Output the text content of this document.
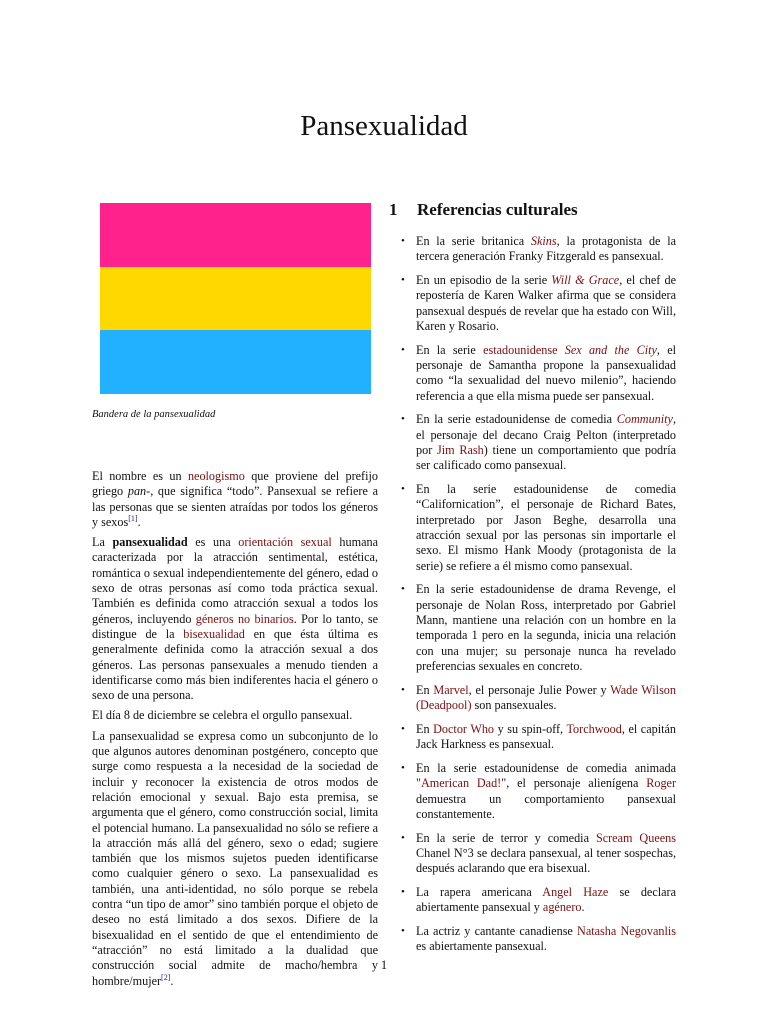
Pansexualidad
Bandera de la pansexualidad

El nombre es un neologismo que proviene del prefijo griego pan-, que significa “todo”. Pansexual se refiere a las personas que se sienten atraídas por todos los géneros y sexos[1].

La pansexualidad es una orientación sexual humana caracterizada por la atracción sentimental, estética, romántica o sexual independientemente del género, edad o sexo de otras personas así como toda práctica sexual. También es definida como atracción sexual a todos los géneros, incluyendo géneros no binarios. Por lo tanto, se distingue de la bisexualidad en que ésta última es generalmente definida como la atracción sexual a dos géneros. Las personas pansexuales a menudo tienden a identificarse como más bien indiferentes hacia el género o sexo de una persona.

El día 8 de diciembre se celebra el orgullo pansexual.

La pansexualidad se expresa como un subconjunto de lo que algunos autores denominan postgénero, concepto que surge como respuesta a la necesidad de la sociedad de incluir y reconocer la existencia de otros modos de relación emocional y sexual. Bajo esta premisa, se argumenta que el género, como construcción social, limita el potencial humano. La pansexualidad no sólo se refiere a la atracción más allá del género, sexo o edad; sugiere también que los mismos sujetos pueden identificarse como cualquier género o sexo. La pansexualidad es también, una anti-identidad, no sólo porque se rebela contra “un tipo de amor” sino también porque el objeto de deseo no está limitado a dos sexos. Difiere de la bisexualidad en el sentido de que el entendimiento de “atracción” no está limitado a la dualidad que construcción social admite de macho/hembra y hombre/mujer[2].

1 Referencias culturales
• En la serie britanica Skins, la protagonista de la tercera generación Franky Fitzgerald es pansexual.
• En un episodio de la serie Will & Grace, el chef de repostería de Karen Walker afirma que se considera pansexual después de revelar que ha estado con Will, Karen y Rosario.
• En la serie estadounidense Sex and the City, el personaje de Samantha propone la pansexualidad como “la sexualidad del nuevo milenio”, haciendo referencia a que ella misma puede ser pansexual.
• En la serie estadounidense de comedia Community, el personaje del decano Craig Pelton (interpretado por Jim Rash) tiene un comportamiento que podría ser calificado como pansexual.
• En la serie estadounidense de comedia “Californication”, el personaje de Richard Bates, interpretado por Jason Beghe, desarrolla una atracción sexual por las personas sin importarle el sexo. El mismo Hank Moody (protagonista de la serie) se refiere a él mismo como pansexual.
• En la serie estadounidense de drama Revenge, el personaje de Nolan Ross, interpretado por Gabriel Mann, mantiene una relación con un hombre en la temporada 1 pero en la segunda, inicia una relación con una mujer; su personaje nunca ha revelado preferencias sexuales en concreto.
• En Marvel, el personaje Julie Power y Wade Wilson (Deadpool) son pansexuales.
• En Doctor Who y su spin-off, Torchwood, el capitán Jack Harkness es pansexual.
• En la serie estadounidense de comedia animada "American Dad!", el personaje alienígena Roger demuestra un comportamiento pansexual constantemente.
• En la serie de terror y comedia Scream Queens Chanel N°3 se declara pansexual, al tener sospechas, después aclarando que era bisexual.
• La rapera americana Angel Haze se declara abiertamente pansexual y agénero.
• La actriz y cantante canadiense Natasha Negovanlis es abiertamente pansexual.
1
